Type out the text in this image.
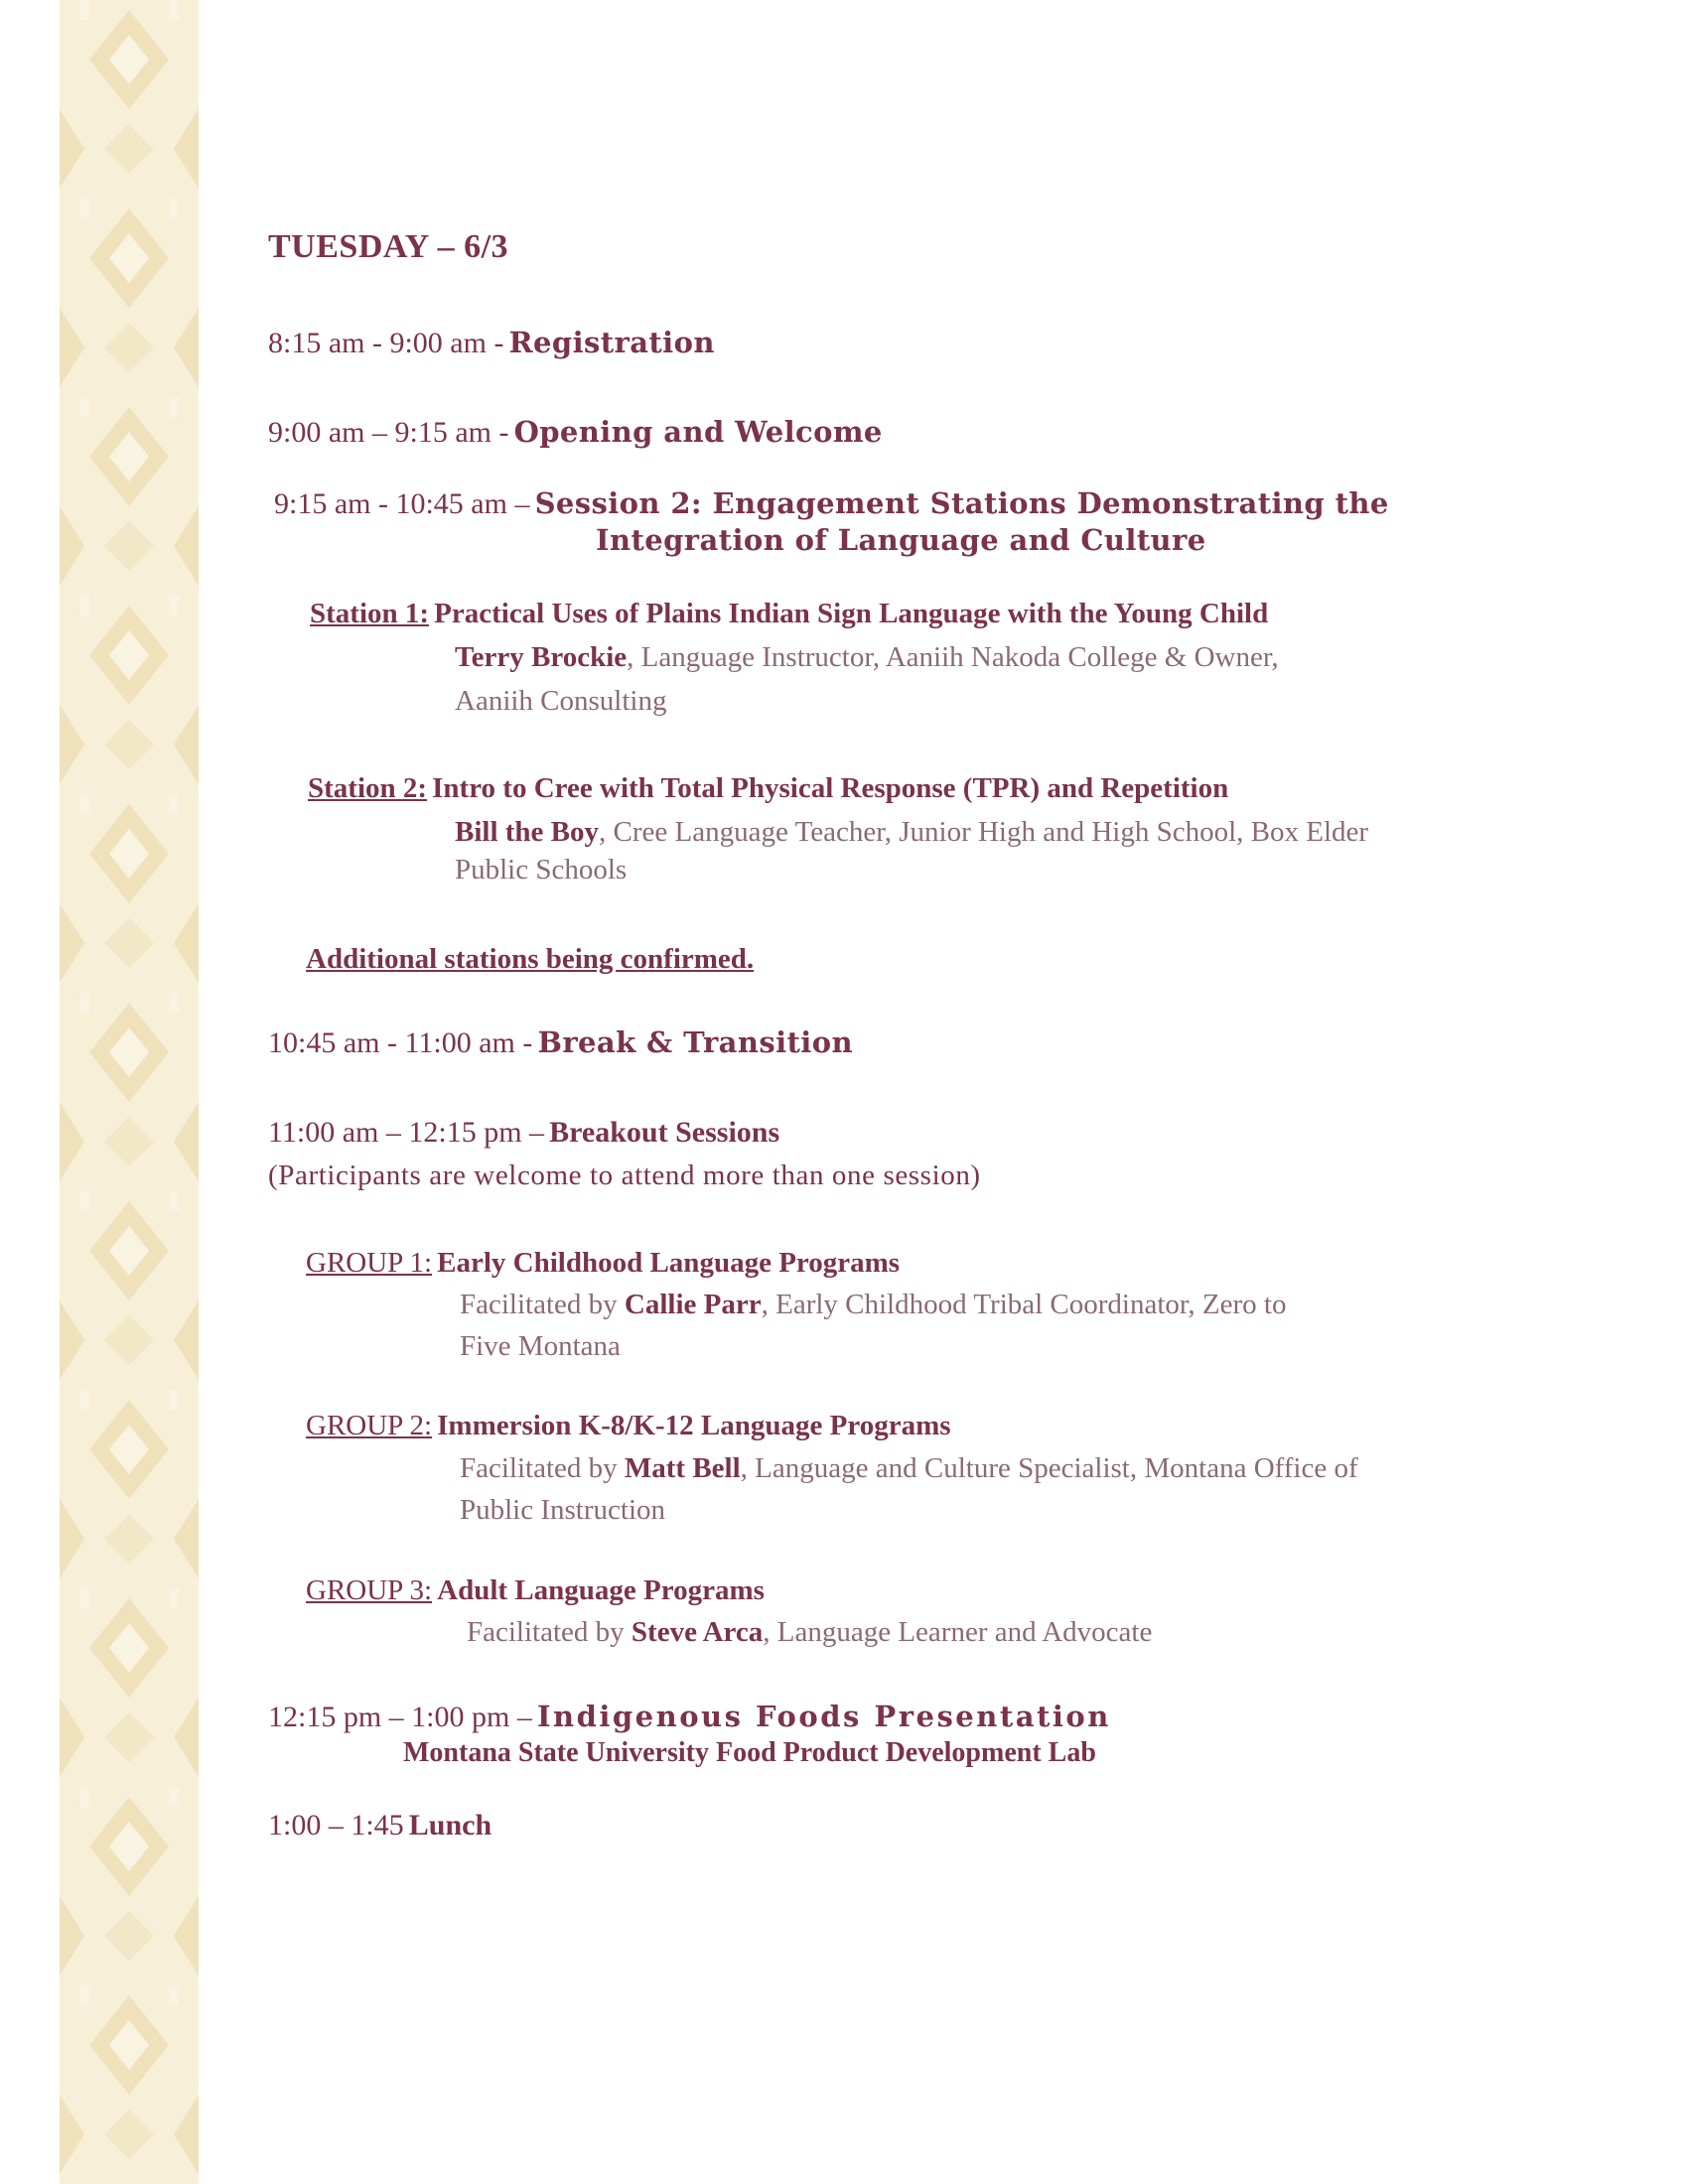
TUESDAY – 6/3
8:15 am - 9:00 am - Registration
9:00 am – 9:15 am - Opening and Welcome
9:15 am - 10:45 am – Session 2: Engagement Stations Demonstrating the
Integration of Language and Culture
Station 1: Practical Uses of Plains Indian Sign Language with the Young Child
Terry Brockie, Language Instructor, Aaniih Nakoda College & Owner,
Aaniih Consulting
Station 2: Intro to Cree with Total Physical Response (TPR) and Repetition
Bill the Boy, Cree Language Teacher, Junior High and High School, Box Elder
Public Schools
Additional stations being confirmed.
10:45 am - 11:00 am - Break & Transition
11:00 am – 12:15 pm – Breakout Sessions
(Participants are welcome to attend more than one session)
GROUP 1: Early Childhood Language Programs
Facilitated by Callie Parr, Early Childhood Tribal Coordinator, Zero to
Five Montana
GROUP 2: Immersion K-8/K-12 Language Programs
Facilitated by Matt Bell, Language and Culture Specialist, Montana Office of
Public Instruction
GROUP 3: Adult Language Programs
Facilitated by Steve Arca, Language Learner and Advocate
12:15 pm – 1:00 pm – Indigenous Foods Presentation
Montana State University Food Product Development Lab
1:00 – 1:45 Lunch
